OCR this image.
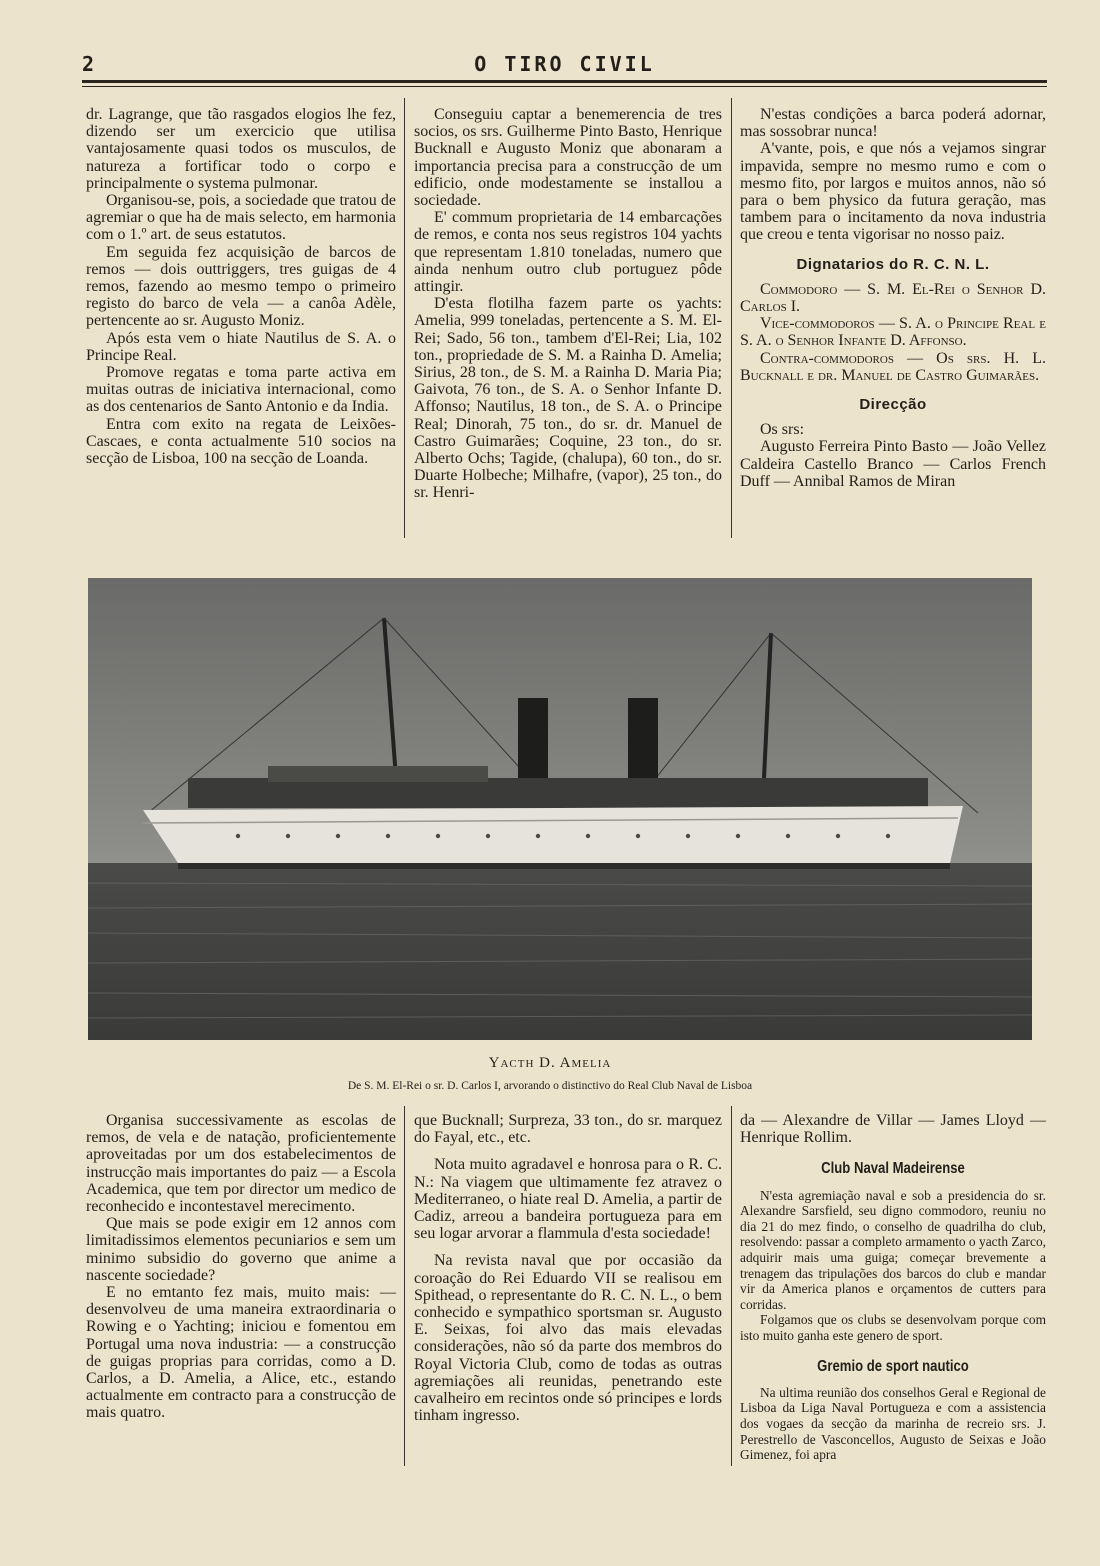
2	O TIRO CIVIL

dr. Lagrange, que tão rasgados elogios lhe fez, dizendo ser um exercicio que utilisa vantajosamente quasi todos os musculos, de natureza a fortificar todo o corpo e principalmente o systema pulmonar.

Organisou-se, pois, a sociedade que tratou de agremiar o que ha de mais selecto, em harmonia com o 1.º art. de seus estatutos.

Em seguida fez acquisição de barcos de remos — dois outtriggers, tres guigas de 4 remos, fazendo ao mesmo tempo o primeiro registo do barco de vela — a canôa Adèle, pertencente ao sr. Augusto Moniz.

Após esta vem o hiate Nautilus de S. A. o Principe Real.

Promove regatas e toma parte activa em muitas outras de iniciativa internacional, como as dos centenarios de Santo Antonio e da India.

Entra com exito na regata de Leixões-Cascaes, e conta actualmente 510 socios na secção de Lisboa, 100 na secção de Loanda.

Conseguiu captar a benemerencia de tres socios, os srs. Guilherme Pinto Basto, Henrique Bucknall e Augusto Moniz que abonaram a importancia precisa para a construcção de um edificio, onde modestamente se installou a sociedade.

E' commum proprietaria de 14 embarcações de remos, e conta nos seus registros 104 yachts que representam 1.810 toneladas, numero que ainda nenhum outro club portuguez pôde attingir.

D'esta flotilha fazem parte os yachts: Amelia, 999 toneladas, pertencente a S. M. El-Rei; Sado, 56 ton., tambem d'El-Rei; Lia, 102 ton., propriedade de S. M. a Rainha D. Amelia; Sirius, 28 ton., de S. M. a Rainha D. Maria Pia; Gaivota, 76 ton., de S. A. o Senhor Infante D. Affonso; Nautilus, 18 ton., de S. A. o Principe Real; Dinorah, 75 ton., do sr. dr. Manuel de Castro Guimarães; Coquine, 23 ton., do sr. Alberto Ochs; Tagide, (chalupa), 60 ton., do sr. Duarte Holbeche; Milhafre, (vapor), 25 ton., do sr. Henri-

N'estas condições a barca poderá adornar, mas sossobrar nunca!

A'vante, pois, e que nós a vejamos singrar impavida, sempre no mesmo rumo e com o mesmo fito, por largos e muitos annos, não só para o bem physico da futura geração, mas tambem para o incitamento da nova industria que creou e tenta vigorisar no nosso paiz.

Dignatarios do R. C. N. L.

Commodoro — S. M. El-Rei o Senhor D. Carlos I.

Vice-commodoros — S. A. o Principe Real e S. A. o Senhor Infante D. Affonso.

Contra-commodoros — Os srs. H. L. Bucknall e dr. Manuel de Castro Guimarães.

Direcção

Os srs:

Augusto Ferreira Pinto Basto — João Vellez Caldeira Castello Branco — Carlos French Duff — Annibal Ramos de Miran

Yacth D. Amelia
De S. M. El-Rei o sr. D. Carlos I, arvorando o distinctivo do Real Club Naval de Lisboa

Organisa successivamente as escolas de remos, de vela e de natação, proficientemente aproveitadas por um dos estabelecimentos de instrucção mais importantes do paiz — a Escola Academica, que tem por director um medico de reconhecido e incontestavel merecimento.

Que mais se pode exigir em 12 annos com limitadissimos elementos pecuniarios e sem um minimo subsidio do governo que anime a nascente sociedade?

E no emtanto fez mais, muito mais: — desenvolveu de uma maneira extraordinaria o Rowing e o Yachting; iniciou e fomentou em Portugal uma nova industria: — a construcção de guigas proprias para corridas, como a D. Carlos, a D. Amelia, a Alice, etc., estando actualmente em contracto para a construcção de mais quatro.

que Bucknall; Surpreza, 33 ton., do sr. marquez do Fayal, etc., etc.

Nota muito agradavel e honrosa para o R. C. N.: Na viagem que ultimamente fez atravez o Mediterraneo, o hiate real D. Amelia, a partir de Cadiz, arreou a bandeira portugueza para em seu logar arvorar a flammula d'esta sociedade!

Na revista naval que por occasião da coroação do Rei Eduardo VII se realisou em Spithead, o representante do R. C. N. L., o bem conhecido e sympathico sportsman sr. Augusto E. Seixas, foi alvo das mais elevadas considerações, não só da parte dos membros do Royal Victoria Club, como de todas as outras agremiações ali reunidas, penetrando este cavalheiro em recintos onde só principes e lords tinham ingresso.

da — Alexandre de Villar — James Lloyd — Henrique Rollim.

Club Naval Madeirense

N'esta agremiação naval e sob a presidencia do sr. Alexandre Sarsfield, seu digno commodoro, reuniu no dia 21 do mez findo, o conselho de quadrilha do club, resolvendo: passar a completo armamento o yacth Zarco, adquirir mais uma guiga; começar brevemente a trenagem das tripulações dos barcos do club e mandar vir da America planos e orçamentos de cutters para corridas.

Folgamos que os clubs se desenvolvam porque com isto muito ganha este genero de sport.

Gremio de sport nautico

Na ultima reunião dos conselhos Geral e Regional de Lisboa da Liga Naval Portugueza e com a assistencia dos vogaes da secção da marinha de recreio srs. J. Perestrello de Vasconcellos, Augusto de Seixas e João Gimenez, foi apra
